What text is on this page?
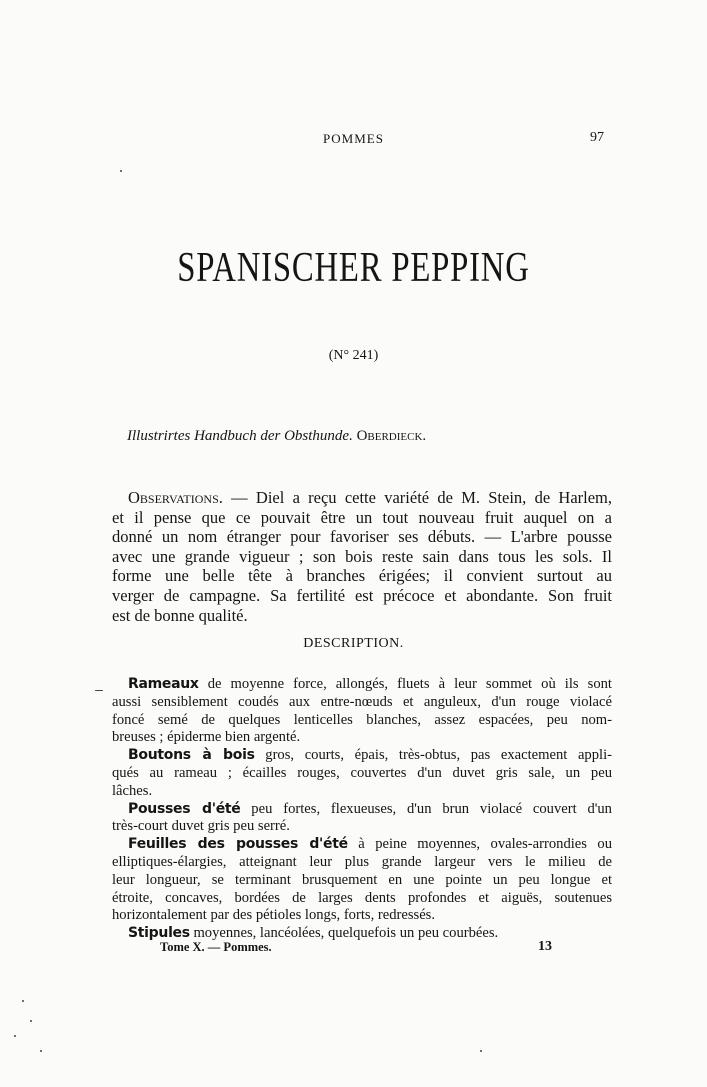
POMMES	97
SPANISCHER PEPPING
(N° 241)
Illustrirtes Handbuch der Obsthunde. Oberdieck.
Observations. — Diel a reçu cette variété de M. Stein, de Harlem,
et il pense que ce pouvait être un tout nouveau fruit auquel on a
donné un nom étranger pour favoriser ses débuts. — L'arbre pousse
avec une grande vigueur ; son bois reste sain dans tous les sols. Il
forme une belle tête à branches érigées; il convient surtout au
verger de campagne. Sa fertilité est précoce et abondante. Son fruit
est de bonne qualité.
DESCRIPTION.
Rameaux de moyenne force, allongés, fluets à leur sommet où ils sont
aussi sensiblement coudés aux entre-nœuds et anguleux, d'un rouge violacé
foncé semé de quelques lenticelles blanches, assez espacées, peu nom-
breuses ; épiderme bien argenté.
Boutons à bois gros, courts, épais, très-obtus, pas exactement appli-
qués au rameau ; écailles rouges, couvertes d'un duvet gris sale, un peu
lâches.
Pousses d'été peu fortes, flexueuses, d'un brun violacé couvert d'un
très-court duvet gris peu serré.
Feuilles des pousses d'été à peine moyennes, ovales-arrondies ou
elliptiques-élargies, atteignant leur plus grande largeur vers le milieu de
leur longueur, se terminant brusquement en une pointe un peu longue et
étroite, concaves, bordées de larges dents profondes et aiguës, soutenues
horizontalement par des pétioles longs, forts, redressés.
Stipules moyennes, lancéolées, quelquefois un peu courbées.
Tome X. — Pommes.	13
